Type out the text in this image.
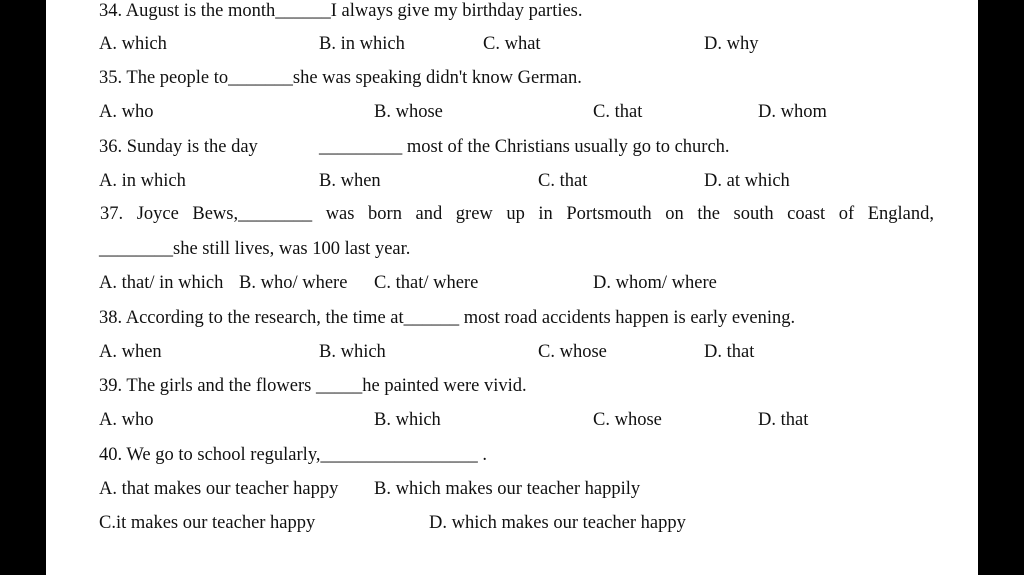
34. August is the month______I always give my birthday parties.
A. which	B. in which	C. what	D. why
35. The people to_______she was speaking didn't know German.
A. who	B. whose	C. that	D. whom
36. Sunday is the day	_________ most of the Christians usually go to church.
A. in which	B. when	C. that	D. at which
37. Joyce Bews,________ was born and grew up in Portsmouth on the south coast of England,
________she still lives, was 100 last year.
A. that/ in which B. who/ where C. that/ where	D. whom/ where
38. According to the research, the time at______ most road accidents happen is early evening.
A. when	B. which	C. whose	D. that
39. The girls and the flowers _____he painted were vivid.
A. who	B. which	C. whose	D. that
40. We go to school regularly,_________________ .
A. that makes our teacher happy B. which makes our teacher happily
C.it makes our teacher happy	D. which makes our teacher happy
